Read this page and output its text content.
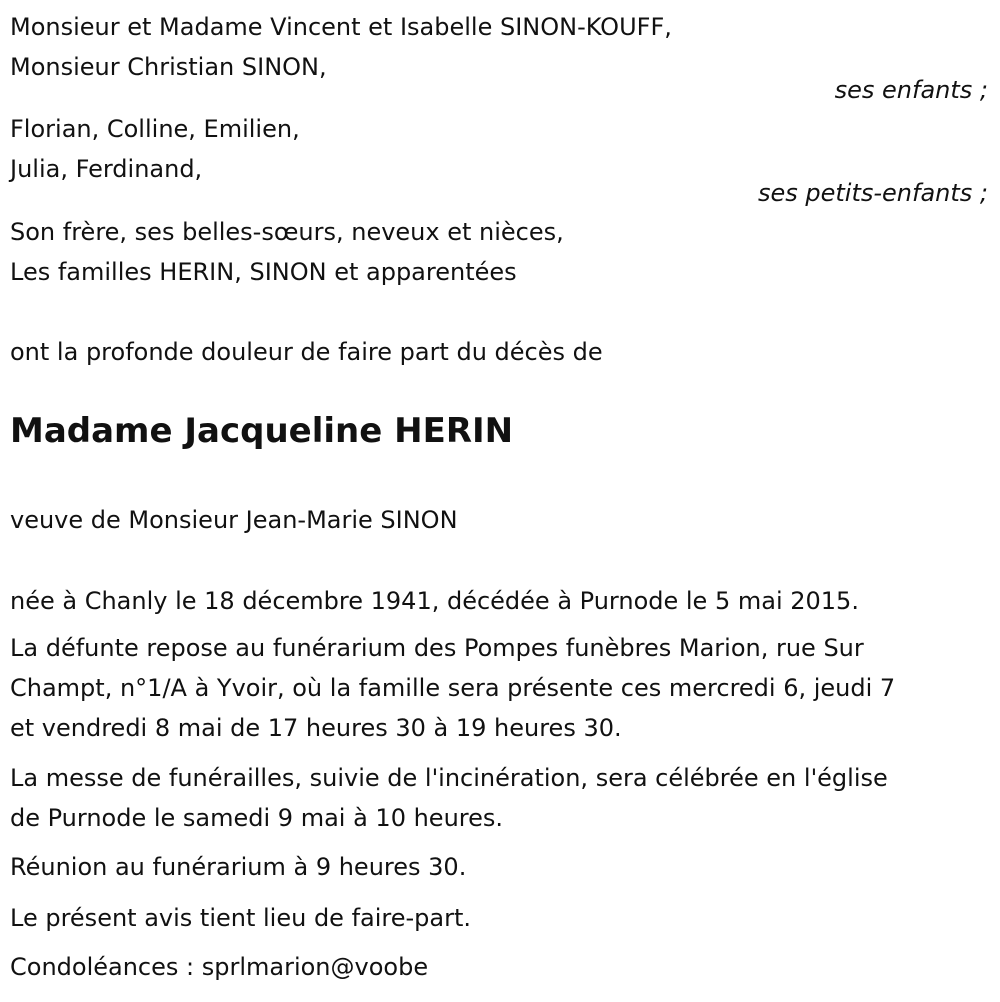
Monsieur et Madame Vincent et Isabelle SINON-KOUFF,
Monsieur Christian SINON,
ses enfants ;
Florian, Colline, Emilien,
Julia, Ferdinand,
ses petits-enfants ;
Son frère, ses belles-sœurs, neveux et nièces,
Les familles HERIN, SINON et apparentées
ont la profonde douleur de faire part du décès de
Madame Jacqueline HERIN
veuve de Monsieur Jean-Marie SINON
née à Chanly le 18 décembre 1941, décédée à Purnode le 5 mai 2015.
La défunte repose au funérarium des Pompes funèbres Marion, rue Sur
Champt, n°1/A à Yvoir, où la famille sera présente ces mercredi 6, jeudi 7
et vendredi 8 mai de 17 heures 30 à 19 heures 30.
La messe de funérailles, suivie de l'incinération, sera célébrée en l'église
de Purnode le samedi 9 mai à 10 heures.
Réunion au funérarium à 9 heures 30.
Le présent avis tient lieu de faire-part.
Condoléances : sprlmarion@voobe
